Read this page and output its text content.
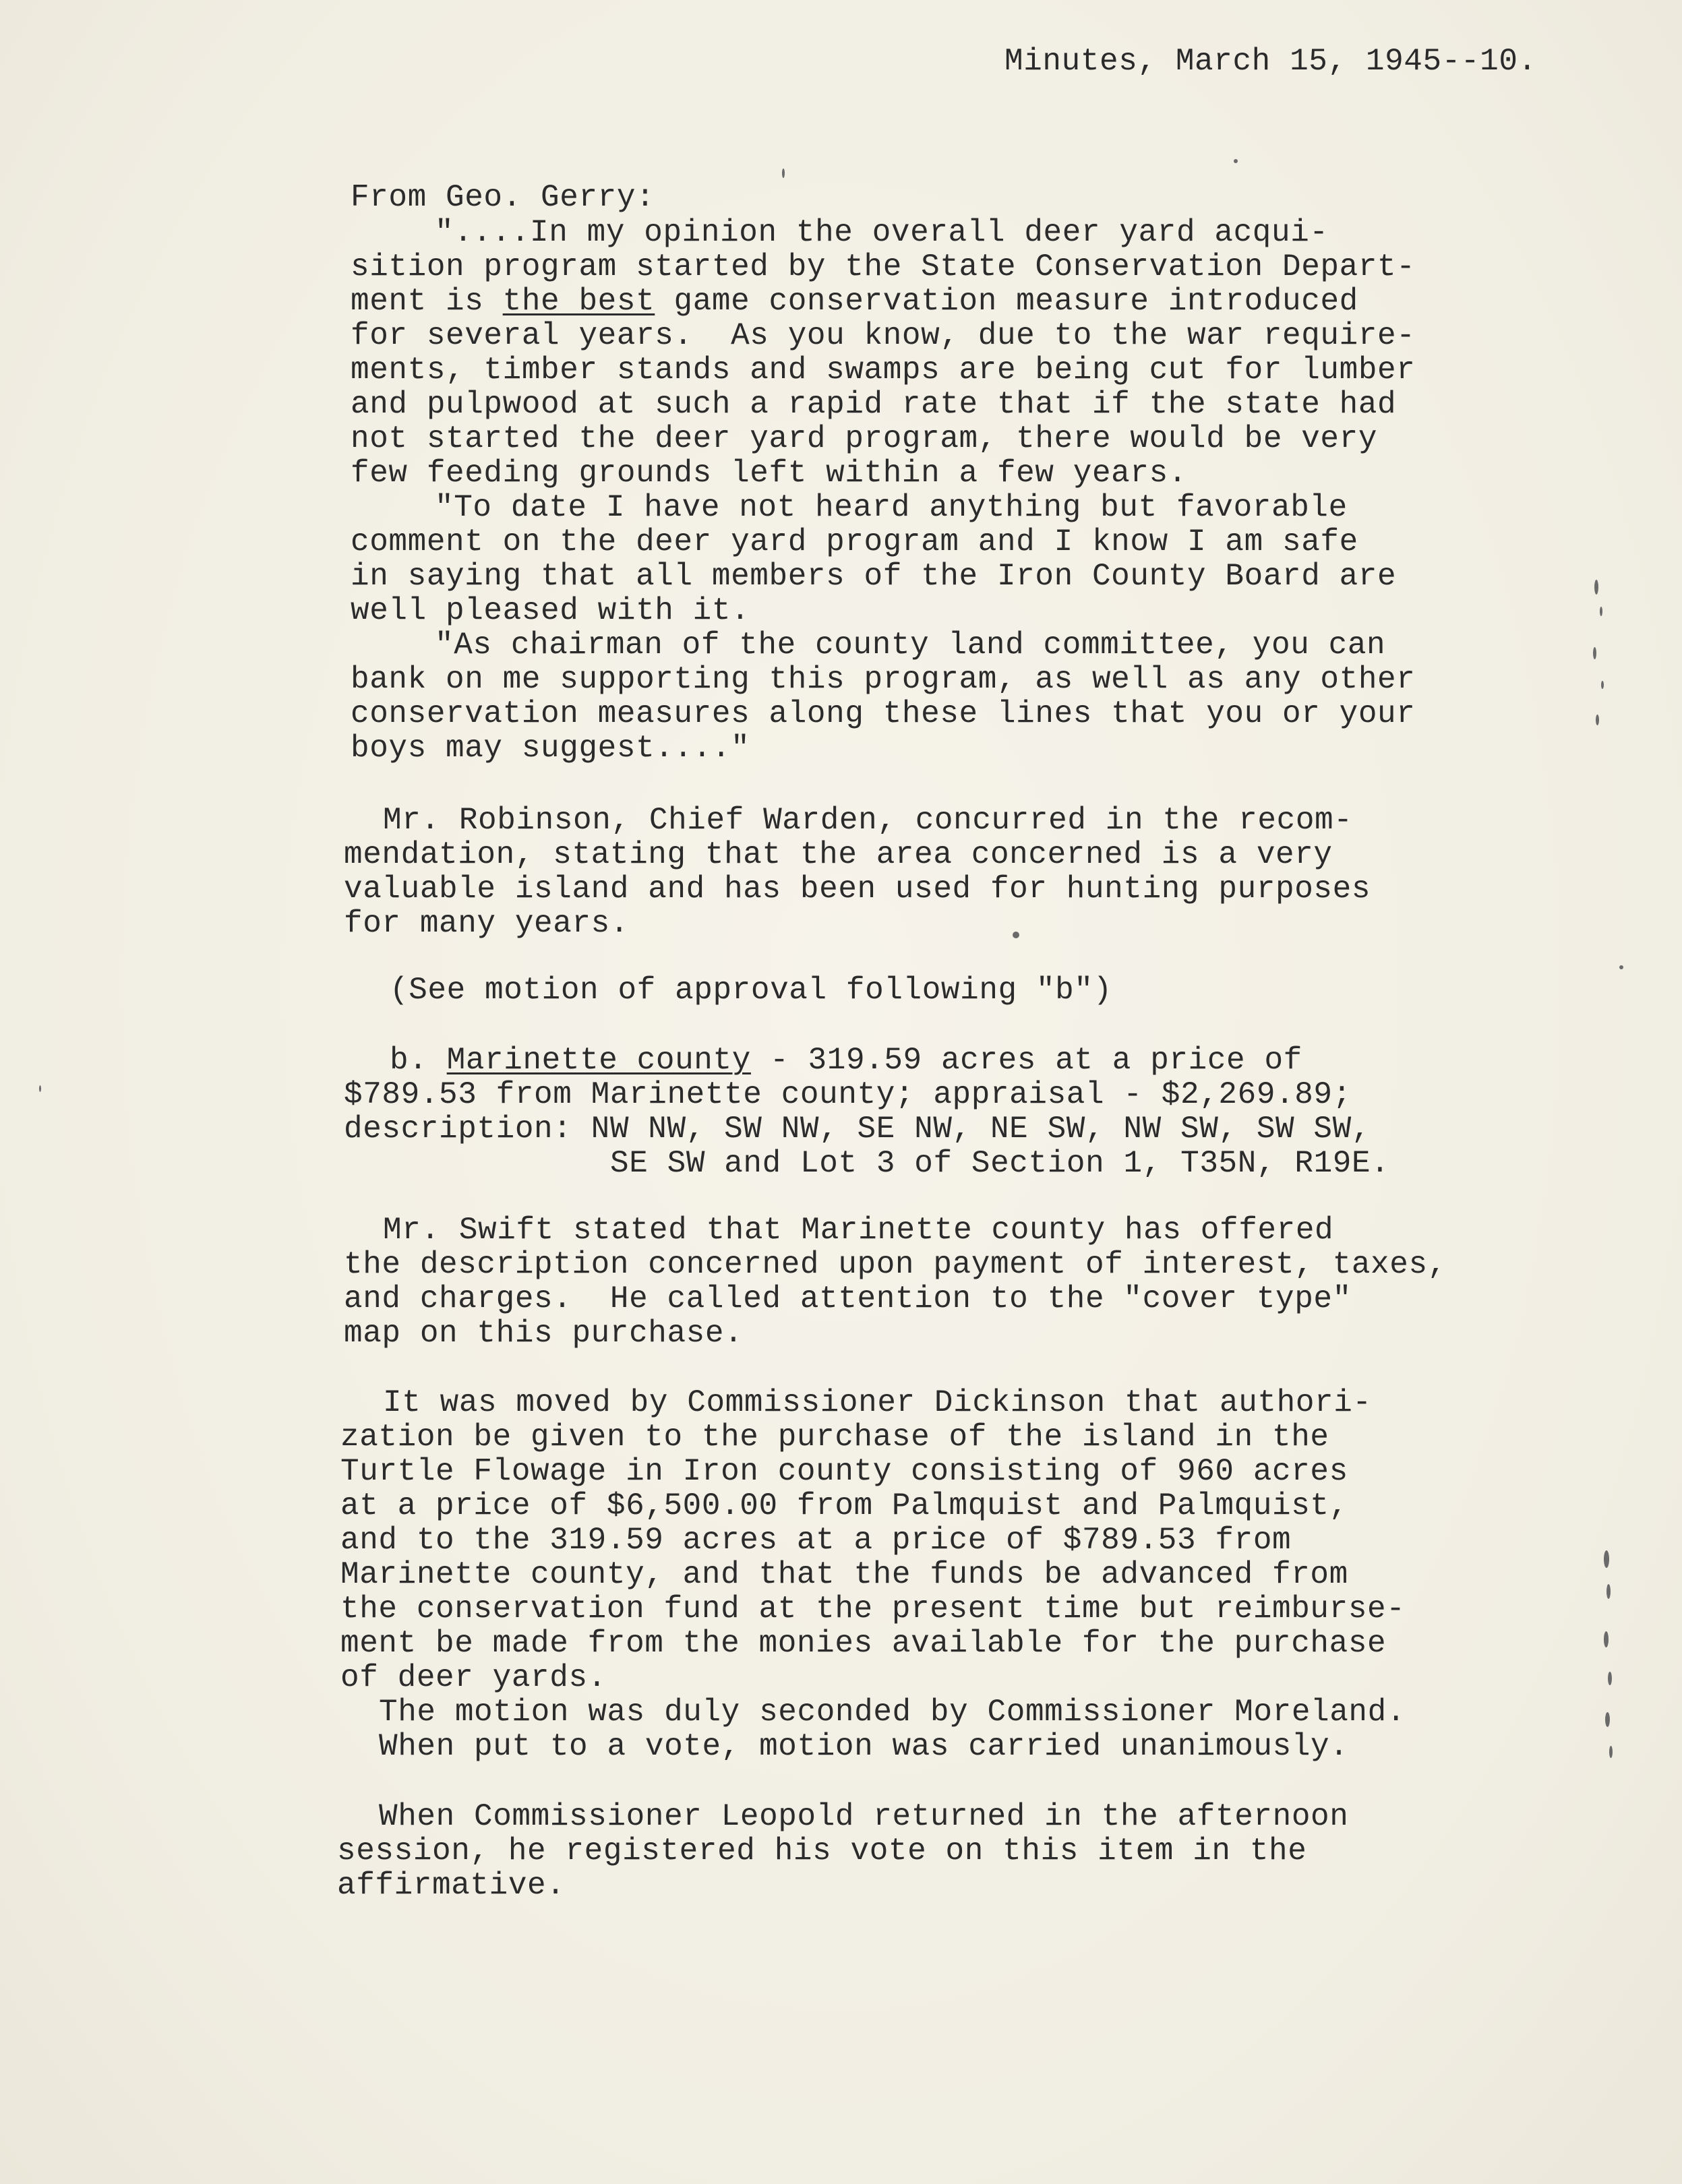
Minutes, March 15, 1945--10.
From Geo. Gerry:
"....In my opinion the overall deer yard acqui-
sition program started by the State Conservation Depart-
ment is the best game conservation measure introduced
for several years.  As you know, due to the war require-
ments, timber stands and swamps are being cut for lumber
and pulpwood at such a rapid rate that if the state had
not started the deer yard program, there would be very
few feeding grounds left within a few years.
"To date I have not heard anything but favorable
comment on the deer yard program and I know I am safe
in saying that all members of the Iron County Board are
well pleased with it.
"As chairman of the county land committee, you can
bank on me supporting this program, as well as any other
conservation measures along these lines that you or your
boys may suggest...."
Mr. Robinson, Chief Warden, concurred in the recom-
mendation, stating that the area concerned is a very
valuable island and has been used for hunting purposes
for many years.
(See motion of approval following "b")
b. Marinette county - 319.59 acres at a price of
$789.53 from Marinette county; appraisal - $2,269.89;
description: NW NW, SW NW, SE NW, NE SW, NW SW, SW SW,
SE SW and Lot 3 of Section 1, T35N, R19E.
Mr. Swift stated that Marinette county has offered
the description concerned upon payment of interest, taxes,
and charges.  He called attention to the "cover type"
map on this purchase.
It was moved by Commissioner Dickinson that authori-
zation be given to the purchase of the island in the
Turtle Flowage in Iron county consisting of 960 acres
at a price of $6,500.00 from Palmquist and Palmquist,
and to the 319.59 acres at a price of $789.53 from
Marinette county, and that the funds be advanced from
the conservation fund at the present time but reimburse-
ment be made from the monies available for the purchase
of deer yards.
The motion was duly seconded by Commissioner Moreland.
When put to a vote, motion was carried unanimously.
When Commissioner Leopold returned in the afternoon
session, he registered his vote on this item in the
affirmative.
